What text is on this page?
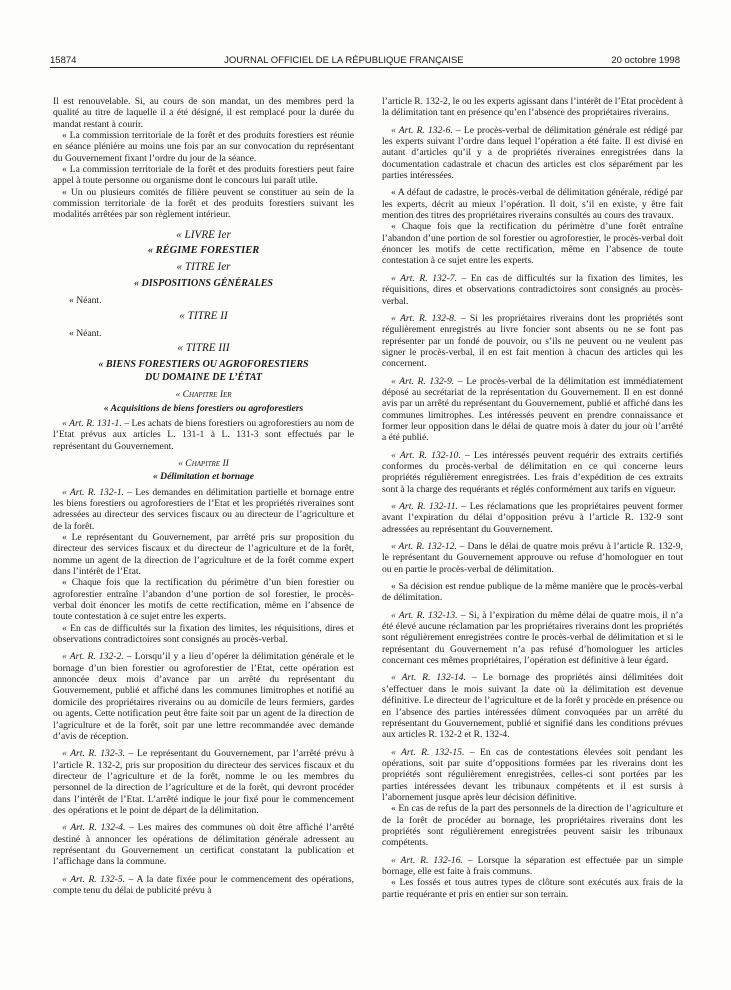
15874	JOURNAL OFFICIEL DE LA RÉPUBLIQUE FRANÇAISE	20 octobre 1998

Il est renouvelable. Si, au cours de son mandat, un des membres perd la qualité au titre de laquelle il a été désigné, il est remplacé pour la durée du mandat restant à courir.

« La commission territoriale de la forêt et des produits forestiers est réunie en séance plénière au moins une fois par an sur convocation du représentant du Gouvernement fixant l’ordre du jour de la séance.

« La commission territoriale de la forêt et des produits forestiers peut faire appel à toute personne ou organisme dont le concours lui paraît utile.

« Un ou plusieurs comités de filière peuvent se constituer au sein de la commission territoriale de la forêt et des produits forestiers suivant les modalités arrêtées par son règlement intérieur.

« LIVRE Ier

« RÉGIME FORESTIER

« TITRE Ier

« DISPOSITIONS GÉNÉRALES

« Néant.

« TITRE II

« Néant.

« TITRE III

« BIENS FORESTIERS OU AGROFORESTIERS

DU DOMAINE DE L’ÉTAT

« Chapitre Ier

« Acquisitions de biens forestiers ou agroforestiers

« Art. R. 131-1. – Les achats de biens forestiers ou agroforestiers au nom de l’Etat prévus aux articles L. 131-1 à L. 131-3 sont effectués par le représentant du Gouvernement.

« Chapitre II

« Délimitation et bornage

« Art. R. 132-1. – Les demandes en délimitation partielle et bornage entre les biens forestiers ou agroforestiers de l’Etat et les propriétés riveraines sont adressées au directeur des services fiscaux ou au directeur de l’agriculture et de la forêt.

« Le représentant du Gouvernement, par arrêté pris sur proposition du directeur des services fiscaux et du directeur de l’agriculture et de la forêt, nomme un agent de la direction de l’agriculture et de la forêt comme expert dans l’intérêt de l’Etat.

« Chaque fois que la rectification du périmètre d’un bien forestier ou agroforestier entraîne l’abandon d’une portion de sol forestier, le procès-verbal doit énoncer les motifs de cette rectification, même en l’absence de toute contestation à ce sujet entre les experts.

« En cas de difficultés sur la fixation des limites, les réquisitions, dires et observations contradictoires sont consignés au procès-verbal.

« Art. R. 132-2. – Lorsqu’il y a lieu d’opérer la délimitation générale et le bornage d’un bien forestier ou agroforestier de l’Etat, cette opération est annoncée deux mois d’avance par un arrêté du représentant du Gouvernement, publié et affiché dans les communes limitrophes et notifié au domicile des propriétaires riverains ou au domicile de leurs fermiers, gardes ou agents. Cette notification peut être faite soit par un agent de la direction de l’agriculture et de la forêt, soit par une lettre recommandée avec demande d’avis de réception.

« Art. R. 132-3. – Le représentant du Gouvernement, par l’arrêté prévu à l’article R. 132-2, pris sur proposition du directeur des services fiscaux et du directeur de l’agriculture et de la forêt, nomme le ou les membres du personnel de la direction de l’agriculture et de la forêt, qui devront procéder dans l’intérêt de l’Etat. L’arrêté indique le jour fixé pour le commencement des opérations et le point de départ de la délimitation.

« Art. R. 132-4. – Les maires des communes où doit être affiché l’arrêté destiné à annoncer les opérations de délimitation générale adressent au représentant du Gouvernement un certificat constatant la publication et l’affichage dans la commune.

« Art. R. 132-5. – A la date fixée pour le commencement des opérations, compte tenu du délai de publicité prévu à

l’article R. 132-2, le ou les experts agissant dans l’intérêt de l’Etat procèdent à la délimitation tant en présence qu’en l’absence des propriétaires riverains.

« Art. R. 132-6. – Le procès-verbal de délimitation générale est rédigé par les experts suivant l’ordre dans lequel l’opération a été faite. Il est divisé en autant d’articles qu’il y a de propriétés riveraines enregistrées dans la documentation cadastrale et chacun des articles est clos séparément par les parties intéressées.

« A défaut de cadastre, le procès-verbal de délimitation générale, rédigé par les experts, décrit au mieux l’opération. Il doit, s’il en existe, y être fait mention des titres des propriétaires riverains consultés au cours des travaux.

« Chaque fois que la rectification du périmètre d’une forêt entraîne l’abandon d’une portion de sol forestier ou agroforestier, le procès-verbal doit énoncer les motifs de cette rectification, même en l’absence de toute contestation à ce sujet entre les experts.

« Art. R. 132-7. – En cas de difficultés sur la fixation des limites, les réquisitions, dires et observations contradictoires sont consignés au procès-verbal.

« Art. R. 132-8. – Si les propriétaires riverains dont les propriétés sont régulièrement enregistrés au livre foncier sont absents ou ne se font pas représenter par un fondé de pouvoir, ou s’ils ne peuvent ou ne veulent pas signer le procès-verbal, il en est fait mention à chacun des articles qui les concernent.

« Art. R. 132-9. – Le procès-verbal de la délimitation est immédiatement déposé au secrétariat de la représentation du Gouvernement. Il en est donné avis par un arrêté du représentant du Gouvernement, publié et affiché dans les communes limitrophes. Les intéressés peuvent en prendre connaissance et former leur opposition dans le délai de quatre mois à dater du jour où l’arrêté a été publié.

« Art. R. 132-10. – Les intéressés peuvent requérir des extraits certifiés conformes du procès-verbal de délimitation en ce qui concerne leurs propriétés régulièrement enregistrées. Les frais d’expédition de ces extraits sont à la charge des requérants et réglés conformément aux tarifs en vigueur.

« Art. R. 132-11. – Les réclamations que les propriétaires peuvent former avant l’expiration du délai d’opposition prévu à l’article R. 132-9 sont adressées au représentant du Gouvernement.

« Art. R. 132-12. – Dans le délai de quatre mois prévu à l’article R. 132-9, le représentant du Gouvernement approuve ou refuse d’homologuer en tout ou en partie le procès-verbal de délimitation.

« Sa décision est rendue publique de la même manière que le procès-verbal de délimitation.

« Art. R. 132-13. – Si, à l’expiration du même délai de quatre mois, il n’a été élevé aucune réclamation par les propriétaires riverains dont les propriétés sont régulièrement enregistrées contre le procès-verbal de délimitation et si le représentant du Gouvernement n’a pas refusé d’homologuer les articles concernant ces mêmes propriétaires, l’opération est définitive à leur égard.

« Art. R. 132-14. – Le bornage des propriétés ainsi délimitées doit s’effectuer dans le mois suivant la date où la délimitation est devenue définitive. Le directeur de l’agriculture et de la forêt y procède en présence ou en l’absence des parties intéressées dûment convoquées par un arrêté du représentant du Gouvernement, publié et signifié dans les conditions prévues aux articles R. 132-2 et R. 132-4.

« Art. R. 132-15. – En cas de contestations élevées soit pendant les opérations, soit par suite d’oppositions formées par les riverains dont les propriétés sont régulièrement enregistrées, celles-ci sont portées par les parties intéressées devant les tribunaux compétents et il est sursis à l’abornement jusque après leur décision définitive.

« En cas de refus de la part des personnels de la direction de l’agriculture et de la forêt de procéder au bornage, les propriétaires riverains dont les propriétés sont régulièrement enregistrées peuvent saisir les tribunaux compétents.

« Art. R. 132-16. – Lorsque la séparation est effectuée par un simple bornage, elle est faite à frais communs.

« Les fossés et tous autres types de clôture sont exécutés aux frais de la partie requérante et pris en entier sur son terrain.
